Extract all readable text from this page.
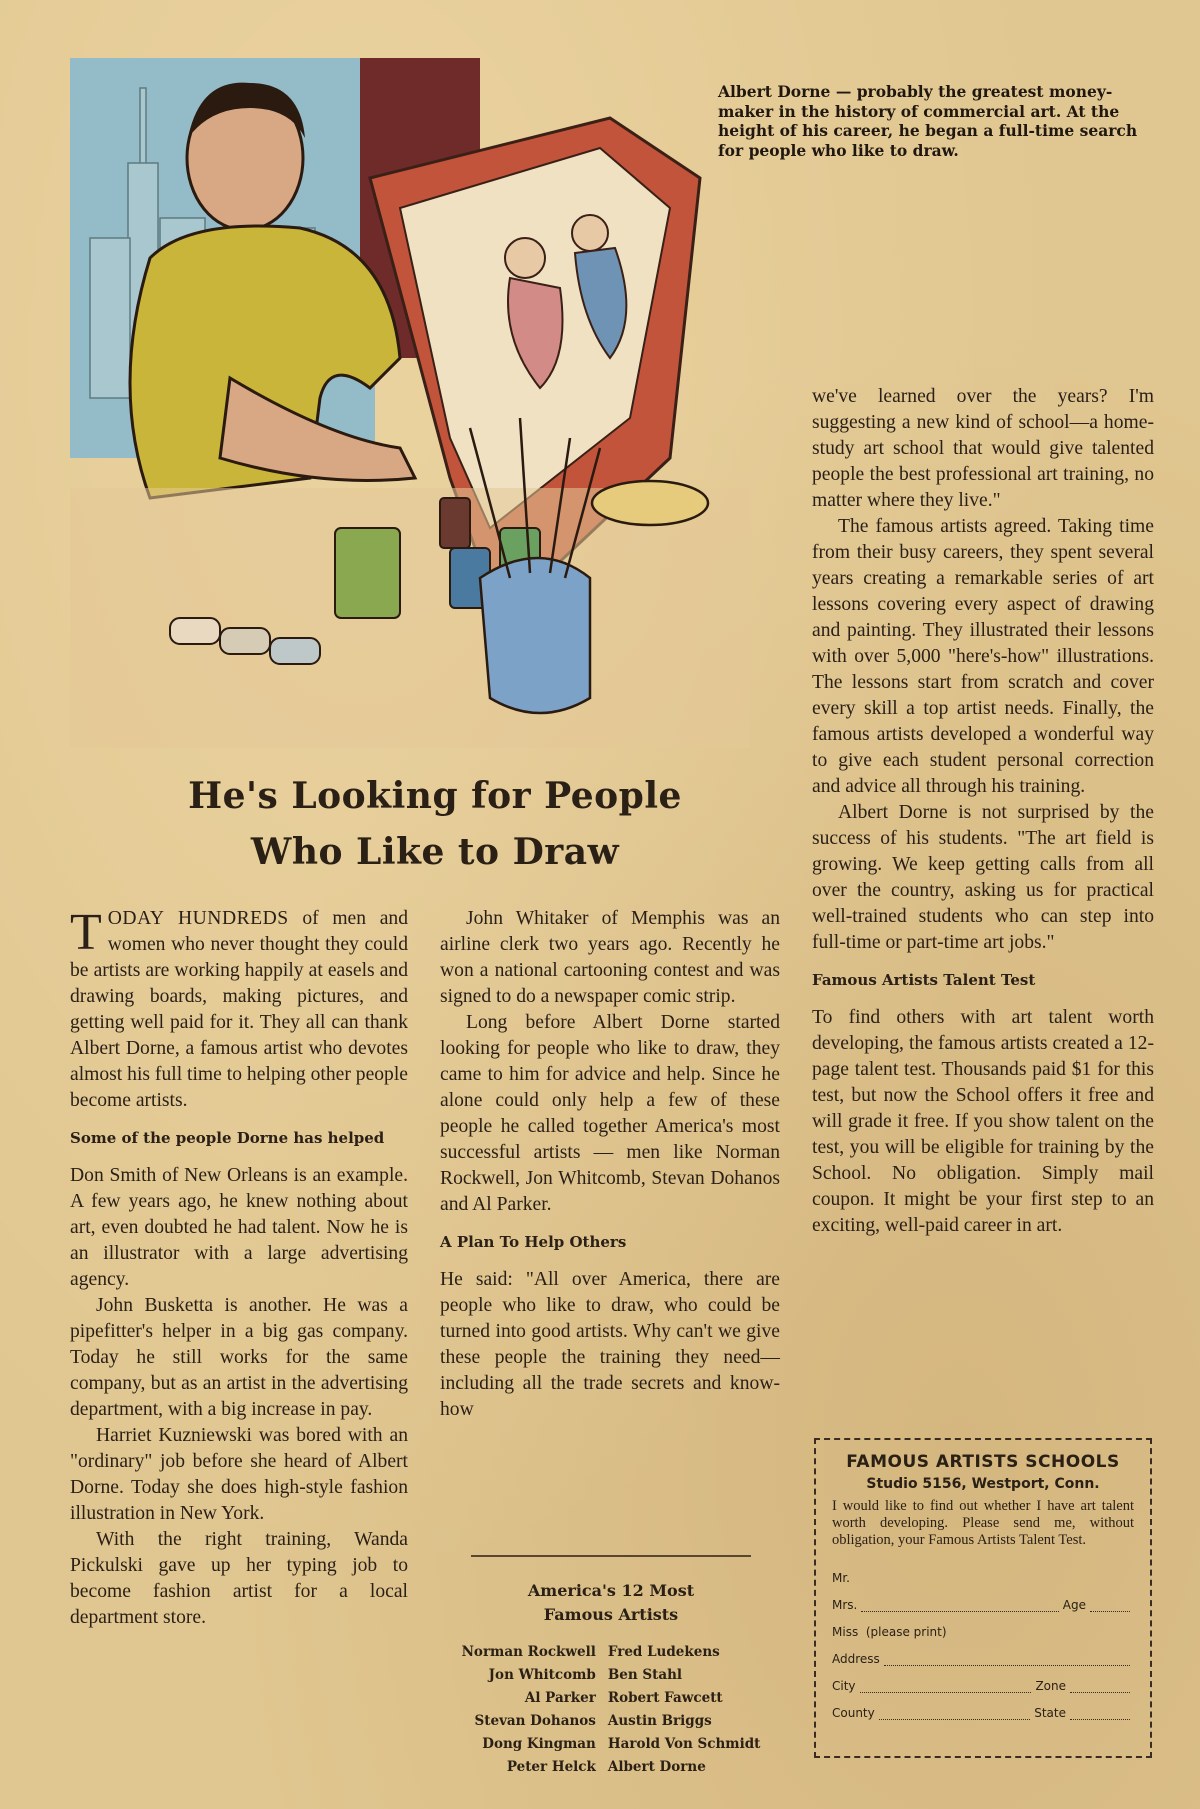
Albert Dorne — probably the greatest money-maker in the history of commercial art. At the height of his career, he began a full-time search for people who like to draw.
He's Looking for People
Who Like to Draw

TODAY HUNDREDS of men and women who never thought they could be artists are working happily at easels and drawing boards, making pictures, and getting well paid for it. They all can thank Albert Dorne, a famous artist who devotes almost his full time to helping other people become artists.

Some of the people Dorne has helped

Don Smith of New Orleans is an example. A few years ago, he knew nothing about art, even doubted he had talent. Now he is an illustrator with a large advertising agency.

John Busketta is another. He was a pipefitter's helper in a big gas company. Today he still works for the same company, but as an artist in the advertising department, with a big increase in pay.

Harriet Kuzniewski was bored with an "ordinary" job before she heard of Albert Dorne. Today she does high-style fashion illustration in New York.

With the right training, Wanda Pickulski gave up her typing job to become fashion artist for a local department store.

John Whitaker of Memphis was an airline clerk two years ago. Recently he won a national cartooning contest and was signed to do a newspaper comic strip.

Long before Albert Dorne started looking for people who like to draw, they came to him for advice and help. Since he alone could only help a few of these people he called together America's most successful artists — men like Norman Rockwell, Jon Whitcomb, Stevan Dohanos and Al Parker.

A Plan To Help Others

He said: "All over America, there are people who like to draw, who could be turned into good artists. Why can't we give these people the training they need—including all the trade secrets and know-how

we've learned over the years? I'm suggesting a new kind of school—a home-study art school that would give talented people the best professional art training, no matter where they live."

The famous artists agreed. Taking time from their busy careers, they spent several years creating a remarkable series of art lessons covering every aspect of drawing and painting. They illustrated their lessons with over 5,000 "here's-how" illustrations. The lessons start from scratch and cover every skill a top artist needs. Finally, the famous artists developed a wonderful way to give each student personal correction and advice all through his training.

Albert Dorne is not surprised by the success of his students. "The art field is growing. We keep getting calls from all over the country, asking us for practical well-trained students who can step into full-time or part-time art jobs."

Famous Artists Talent Test

To find others with art talent worth developing, the famous artists created a 12-page talent test. Thousands paid $1 for this test, but now the School offers it free and will grade it free. If you show talent on the test, you will be eligible for training by the School. No obligation. Simply mail coupon. It might be your first step to an exciting, well-paid career in art.

America's 12 Most
Famous Artists
Norman Rockwell	Fred Ludekens
Jon Whitcomb	Ben Stahl
Al Parker	Robert Fawcett
Stevan Dohanos	Austin Briggs
Dong Kingman	Harold Von Schmidt
Peter Helck	Albert Dorne
FAMOUS ARTISTS SCHOOLS
Studio 5156, Westport, Conn.
I would like to find out whether I have art talent worth developing. Please send me, without obligation, your Famous Artists Talent Test.
Mr.
Mrs.	Age
Miss
(please print)
Address
City	Zone
County	State
